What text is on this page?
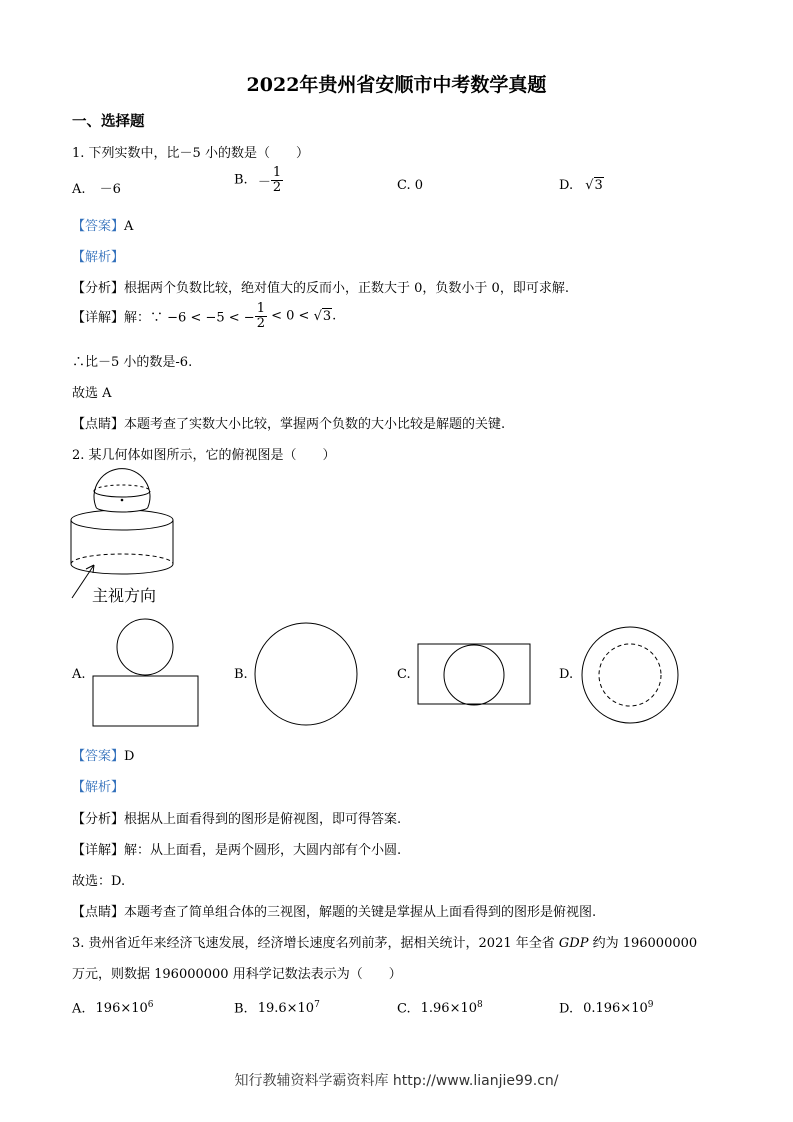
2022年贵州省安顺市中考数学真题
一、选择题
1. 下列实数中，比－5 小的数是（　　）
A. －6
B. － $\frac{1}{2}$	C. 0	D. √3
【答案】A
【解析】
【分析】根据两个负数比较，绝对值大的反而小，正数大于 0，负数小于 0，即可求解.
【详解】解：∵ −6 < −5 < − $\frac{1}{2} < 0 < √3$.
∴比－5 小的数是-6.
故选 A
【点睛】本题考查了实数大小比较，掌握两个负数的大小比较是解题的关键.
2. 某几何体如图所示，它的俯视图是（　　）
主视方向
A.	B.	C.	D.
【答案】D
【解析】
【分析】根据从上面看得到的图形是俯视图，即可得答案.
【详解】解：从上面看，是两个圆形，大圆内部有个小圆.
故选：D.
【点睛】本题考查了简单组合体的三视图，解题的关键是掌握从上面看得到的图形是俯视图.
3. 贵州省近年来经济飞速发展，经济增长速度名列前茅，据相关统计，2021 年全省 GDP 约为 196000000
万元，则数据 196000000 用科学记数法表示为（　　）
A. $196\times 10^6$	B. $19.6\times 10^7$	C. $1.96\times 10^8$	D. $0.196\times 10^9$
知行教辅资料学霸资料库 http://www.lianjie99.cn/
